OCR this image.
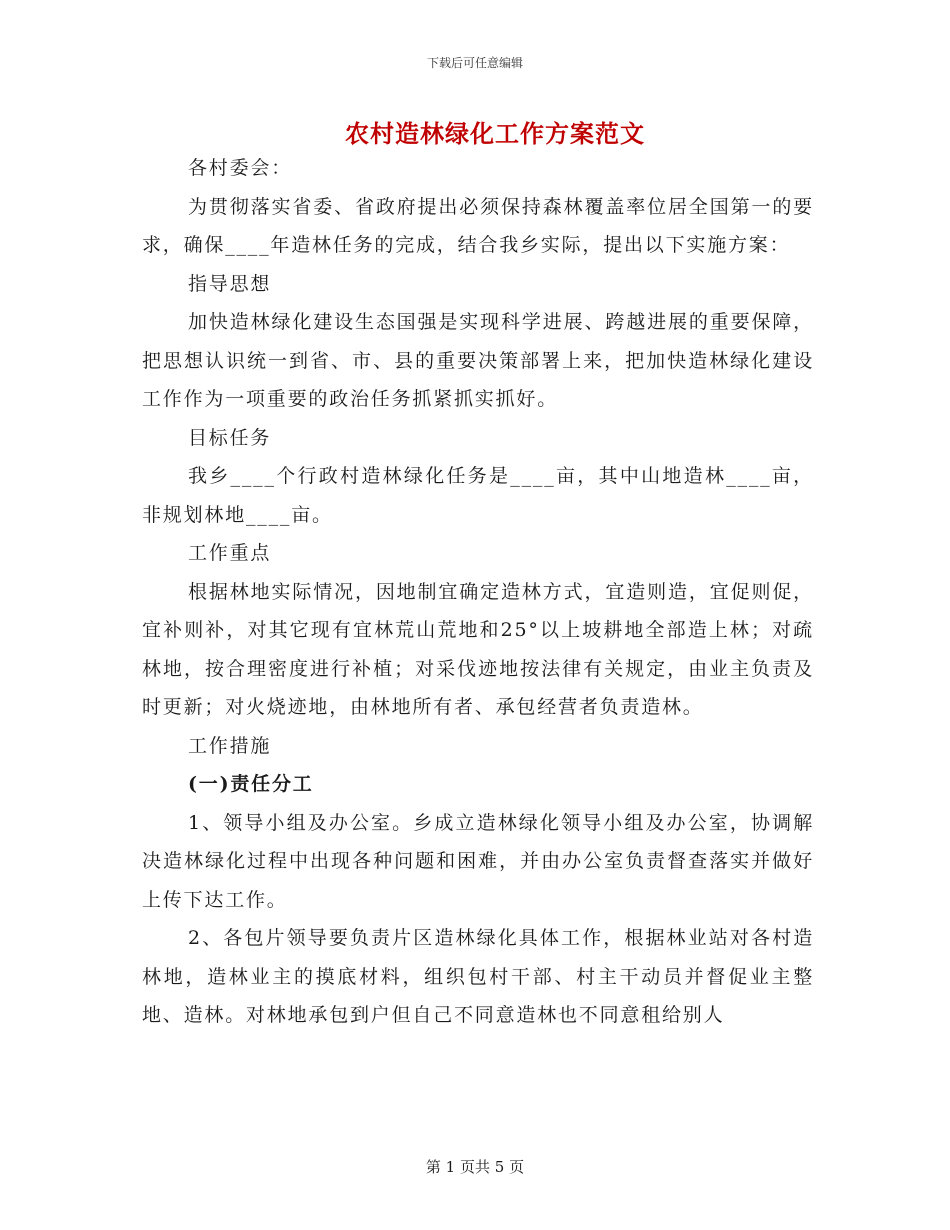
下载后可任意编辑
农村造林绿化工作方案范文

各村委会：

为贯彻落实省委、省政府提出必须保持森林覆盖率位居全国第一的要求，确保____年造林任务的完成，结合我乡实际，提出以下实施方案：

指导思想

加快造林绿化建设生态国强是实现科学进展、跨越进展的重要保障，把思想认识统一到省、市、县的重要决策部署上来，把加快造林绿化建设工作作为一项重要的政治任务抓紧抓实抓好。

目标任务

我乡____个行政村造林绿化任务是____亩，其中山地造林____亩，非规划林地____亩。

工作重点

根据林地实际情况，因地制宜确定造林方式，宜造则造，宜促则促，宜补则补，对其它现有宜林荒山荒地和25°以上坡耕地全部造上林；对疏林地，按合理密度进行补植；对采伐迹地按法律有关规定，由业主负责及时更新；对火烧迹地，由林地所有者、承包经营者负责造林。

工作措施

(一)责任分工

1、领导小组及办公室。乡成立造林绿化领导小组及办公室，协调解决造林绿化过程中出现各种问题和困难，并由办公室负责督查落实并做好上传下达工作。

2、各包片领导要负责片区造林绿化具体工作，根据林业站对各村造林地，造林业主的摸底材料，组织包村干部、村主干动员并督促业主整地、造林。对林地承包到户但自己不同意造林也不同意租给别人

第 1 页共 5 页
